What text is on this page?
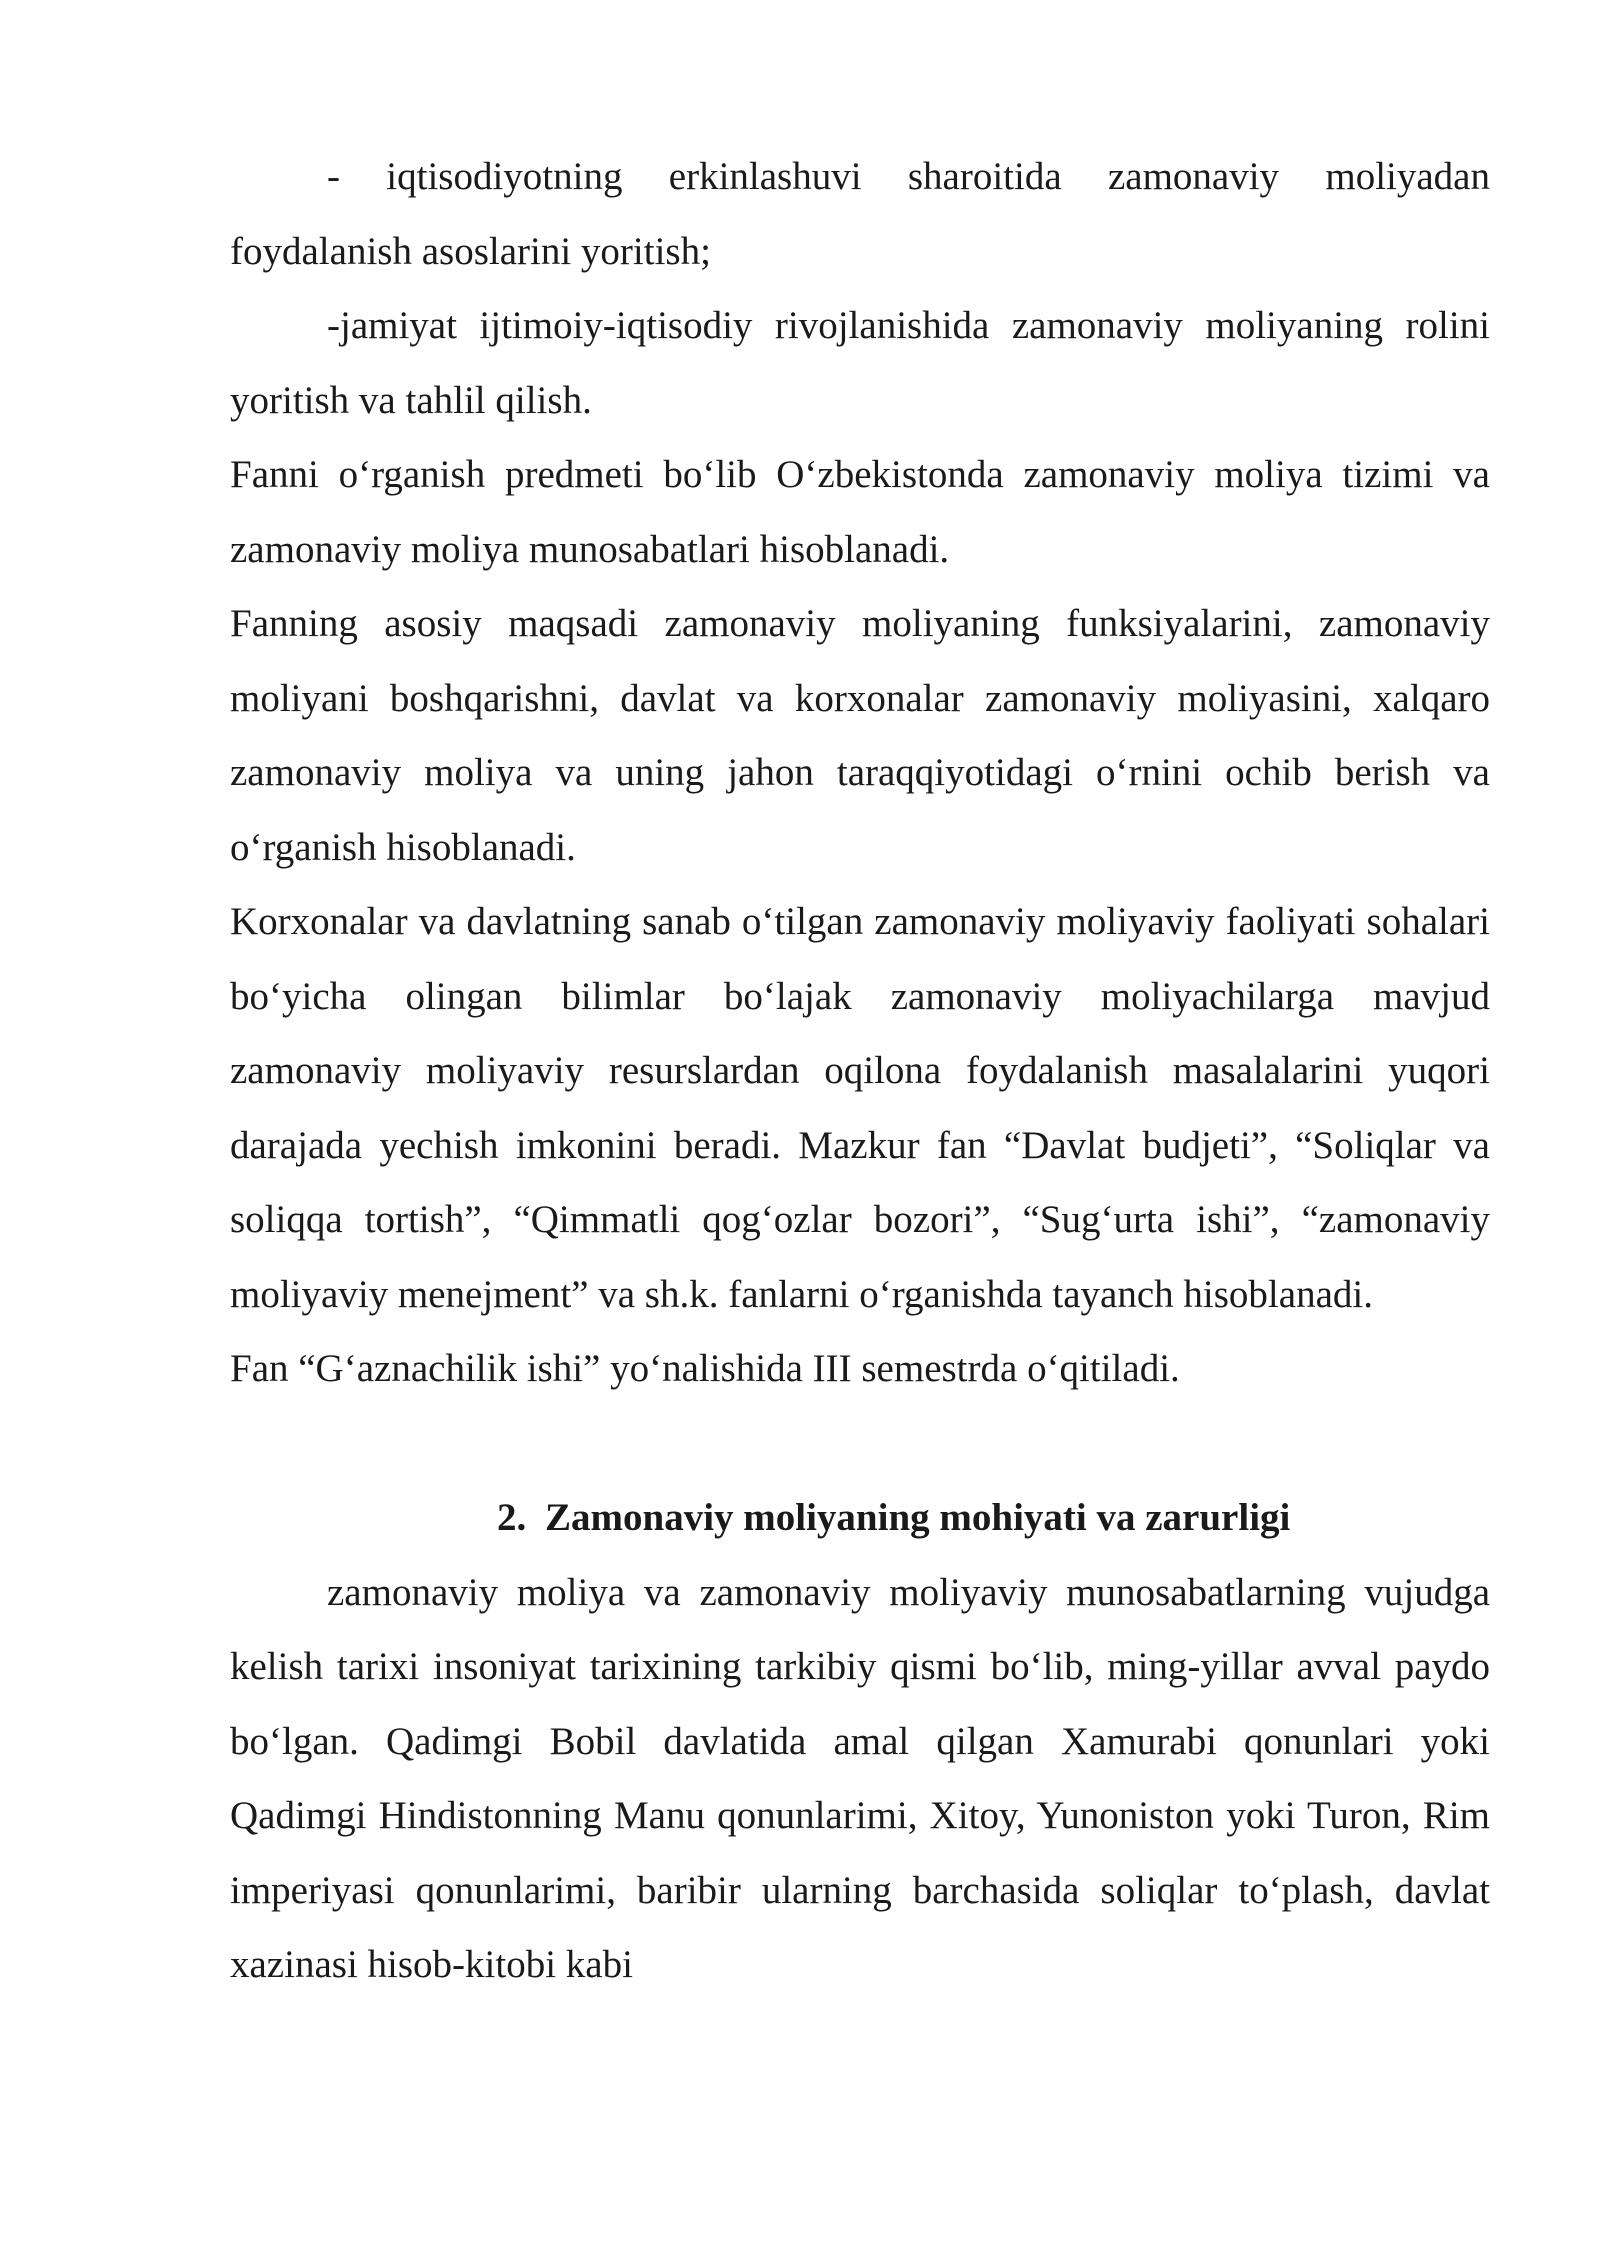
- iqtisodiyotning erkinlashuvi sharoitida zamonaviy moliyadan foydalanish asoslarini yoritish;

-jamiyat ijtimoiy-iqtisodiy rivojlanishida zamonaviy moliyaning rolini yoritish va tahlil qilish.

Fanni o‘rganish predmeti bo‘lib O‘zbekistonda zamonaviy moliya tizimi va zamonaviy moliya munosabatlari hisoblanadi.

Fanning asosiy maqsadi zamonaviy moliyaning funksiyalarini, zamonaviy moliyani boshqarishni, davlat va korxonalar zamonaviy moliyasini, xalqaro zamonaviy moliya va uning jahon taraqqiyotidagi o‘rnini ochib berish va o‘rganish hisoblanadi.

Korxonalar va davlatning sanab o‘tilgan zamonaviy moliyaviy faoliyati sohalari bo‘yicha olingan bilimlar bo‘lajak zamonaviy moliyachilarga mavjud zamonaviy moliyaviy resurslardan oqilona foydalanish masalalarini yuqori darajada yechish imkonini beradi. Mazkur fan “Davlat budjeti”, “Soliqlar va soliqqa tortish”, “Qimmatli qog‘ozlar bozori”, “Sug‘urta ishi”, “zamonaviy moliyaviy menejment” va sh.k. fanlarni o‘rganishda tayanch hisoblanadi.

Fan “G‘aznachilik ishi” yo‘nalishida III semestrda o‘qitiladi.

2. Zamonaviy moliyaning mohiyati va zarurligi

zamonaviy moliya va zamonaviy moliyaviy munosabatlarning vujudga kelish tarixi insoniyat tarixining tarkibiy qismi bo‘lib, ming-yillar avval paydo bo‘lgan. Qadimgi Bobil davlatida amal qilgan Xamurabi qonunlari yoki Qadimgi Hindistonning Manu qonunlarimi, Xitoy, Yunoniston yoki Turon, Rim imperiyasi qonunlarimi, baribir ularning barchasida soliqlar to‘plash, davlat xazinasi hisob-kitobi kabi
